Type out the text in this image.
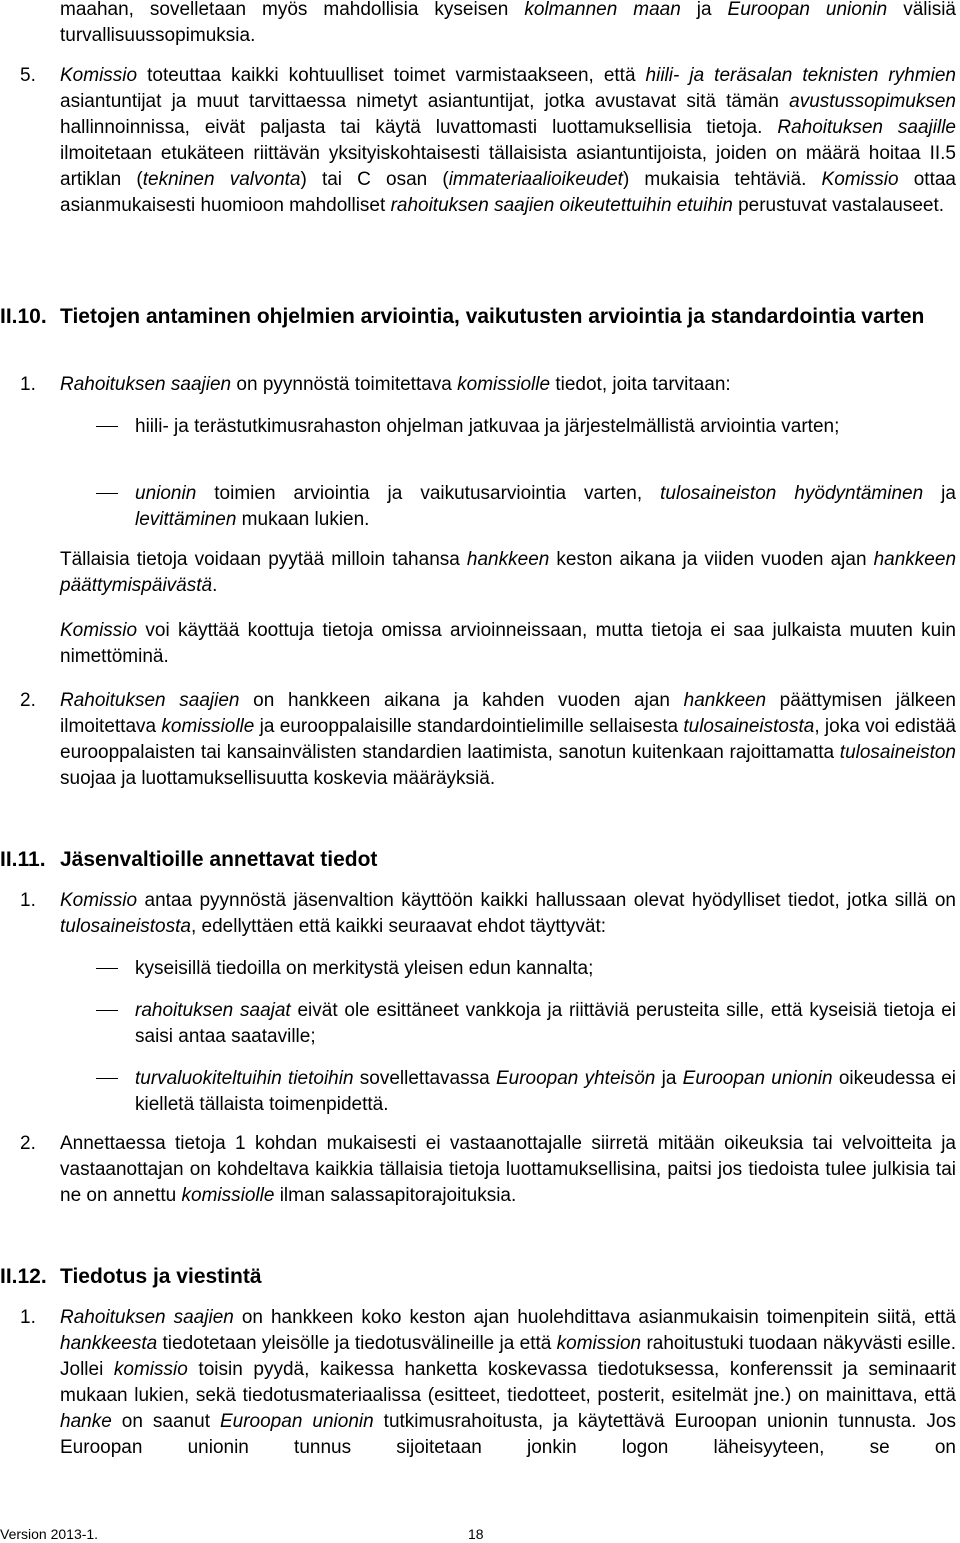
maahan, sovelletaan myös mahdollisia kyseisen kolmannen maan ja Euroopan unionin välisiä turvallisuussopimuksia.
5. Komissio toteuttaa kaikki kohtuulliset toimet varmistaakseen, että hiili- ja teräsalan teknisten ryhmien asiantuntijat ja muut tarvittaessa nimetyt asiantuntijat, jotka avustavat sitä tämän avustussopimuksen hallinnoinnissa, eivät paljasta tai käytä luvattomasti luottamuksellisia tietoja. Rahoituksen saajille ilmoitetaan etukäteen riittävän yksityiskohtaisesti tällaisista asiantuntijoista, joiden on määrä hoitaa II.5 artiklan (tekninen valvonta) tai C osan (immateriaalioikeudet) mukaisia tehtäviä. Komissio ottaa asianmukaisesti huomioon mahdolliset rahoituksen saajien oikeutettuihin etuihin perustuvat vastalauseet.
II.10. Tietojen antaminen ohjelmien arviointia, vaikutusten arviointia ja standardointia varten
1. Rahoituksen saajien on pyynnöstä toimitettava komissiolle tiedot, joita tarvitaan:
hiili- ja terästutkimusrahaston ohjelman jatkuvaa ja järjestelmällistä arviointia varten;
unionin toimien arviointia ja vaikutusarviointia varten, tulosaineiston hyödyntäminen ja levittäminen mukaan lukien.
Tällaisia tietoja voidaan pyytää milloin tahansa hankkeen keston aikana ja viiden vuoden ajan hankkeen päättymispäivästä.
Komissio voi käyttää koottuja tietoja omissa arvioinneissaan, mutta tietoja ei saa julkaista muuten kuin nimettöminä.
2. Rahoituksen saajien on hankkeen aikana ja kahden vuoden ajan hankkeen päättymisen jälkeen ilmoitettava komissiolle ja eurooppalaisille standardointielimille sellaisesta tulosaineistosta, joka voi edistää eurooppalaisten tai kansainvälisten standardien laatimista, sanotun kuitenkaan rajoittamatta tulosaineiston suojaa ja luottamuksellisuutta koskevia määräyksiä.
II.11. Jäsenvaltioille annettavat tiedot
1. Komissio antaa pyynnöstä jäsenvaltion käyttöön kaikki hallussaan olevat hyödylliset tiedot, jotka sillä on tulosaineistosta, edellyttäen että kaikki seuraavat ehdot täyttyvät:
kyseisillä tiedoilla on merkitystä yleisen edun kannalta;
rahoituksen saajat eivät ole esittäneet vankkoja ja riittäviä perusteita sille, että kyseisiä tietoja ei saisi antaa saataville;
turvaluokiteltuihin tietoihin sovellettavassa Euroopan yhteisön ja Euroopan unionin oikeudessa ei kielletä tällaista toimenpidettä.
2. Annettaessa tietoja 1 kohdan mukaisesti ei vastaanottajalle siirretä mitään oikeuksia tai velvoitteita ja vastaanottajan on kohdeltava kaikkia tällaisia tietoja luottamuksellisina, paitsi jos tiedoista tulee julkisia tai ne on annettu komissiolle ilman salassapitorajoituksia.
II.12. Tiedotus ja viestintä
1. Rahoituksen saajien on hankkeen koko keston ajan huolehdittava asianmukaisin toimenpitein siitä, että hankkeesta tiedotetaan yleisölle ja tiedotusvälineille ja että komission rahoitustuki tuodaan näkyvästi esille. Jollei komissio toisin pyydä, kaikessa hanketta koskevassa tiedotuksessa, konferenssit ja seminaarit mukaan lukien, sekä tiedotusmateriaalissa (esitteet, tiedotteet, posterit, esitelmät jne.) on mainittava, että hanke on saanut Euroopan unionin tutkimusrahoitusta, ja käytettävä Euroopan unionin tunnusta. Jos Euroopan unionin tunnus sijoitetaan jonkin logon läheisyyteen, se on
Version 2013-1.	18
